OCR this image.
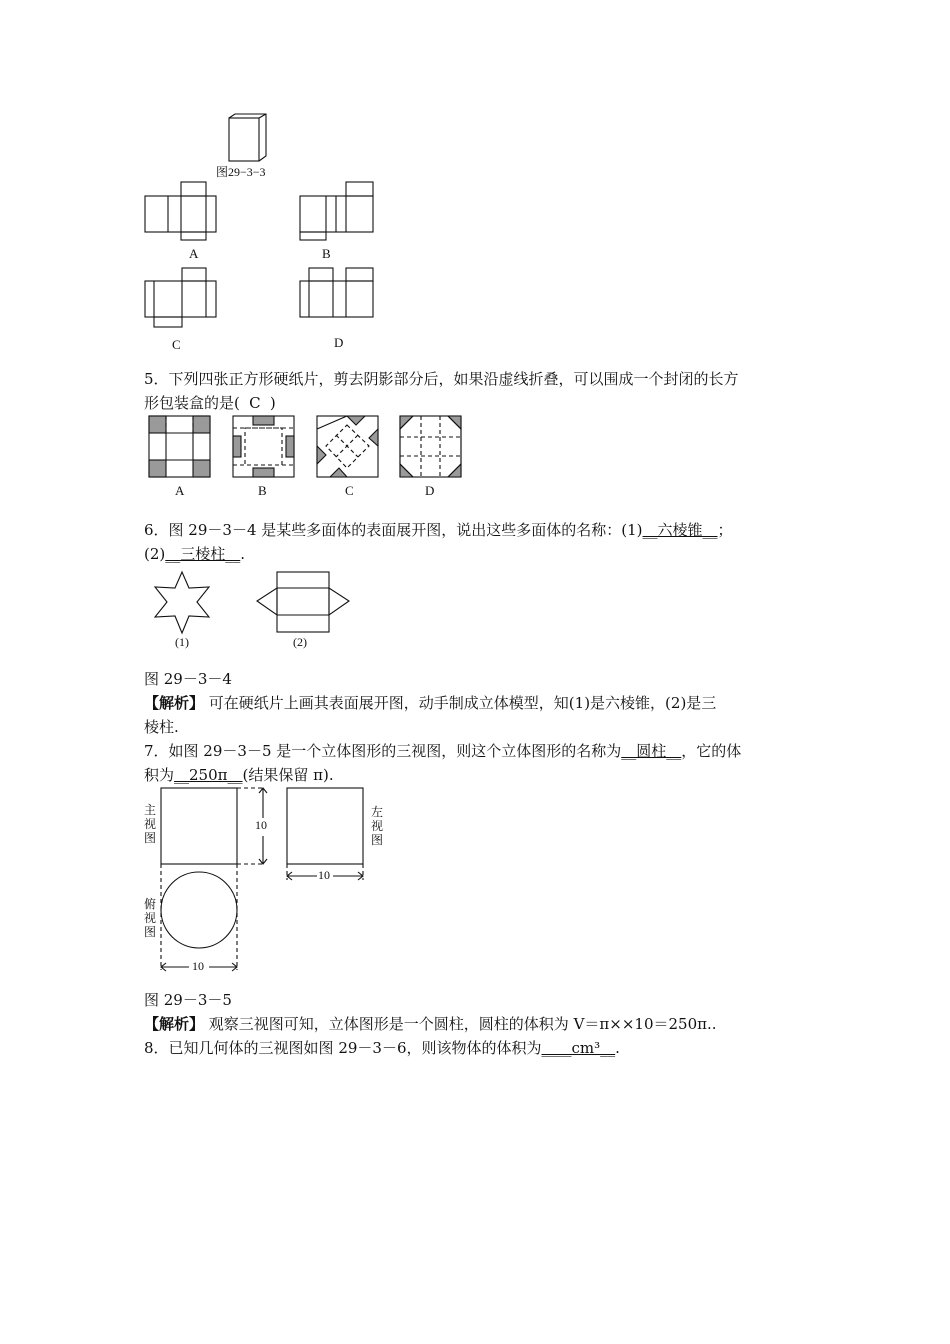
图29−3−3
A	B
C	D
5．下列四张正方形硬纸片，剪去阴影部分后，如果沿虚线折叠，可以围成一个封闭的长方
形包装盒的是( C )
A	B	C	D
6．图 29－3－4 是某些多面体的表面展开图，说出这些多面体的名称：(1)__六棱锥__；
(2)__三棱柱__.
(1)	(2)
图 29－3－4
【解析】 可在硬纸片上画其表面展开图，动手制成立体模型，知(1)是六棱锥，(2)是三
棱柱.
7．如图 29－3－5 是一个立体图形的三视图，则这个立体图形的名称为__圆柱__，它的体
积为__250π__(结果保留 π).
主视图
左视图
俯视图
10
10
10
图 29－3－5
【解析】 观察三视图可知，立体图形是一个圆柱，圆柱的体积为 V＝π××10＝250π..
8．已知几何体的三视图如图 29－3－6，则该物体的体积为____cm³__.
